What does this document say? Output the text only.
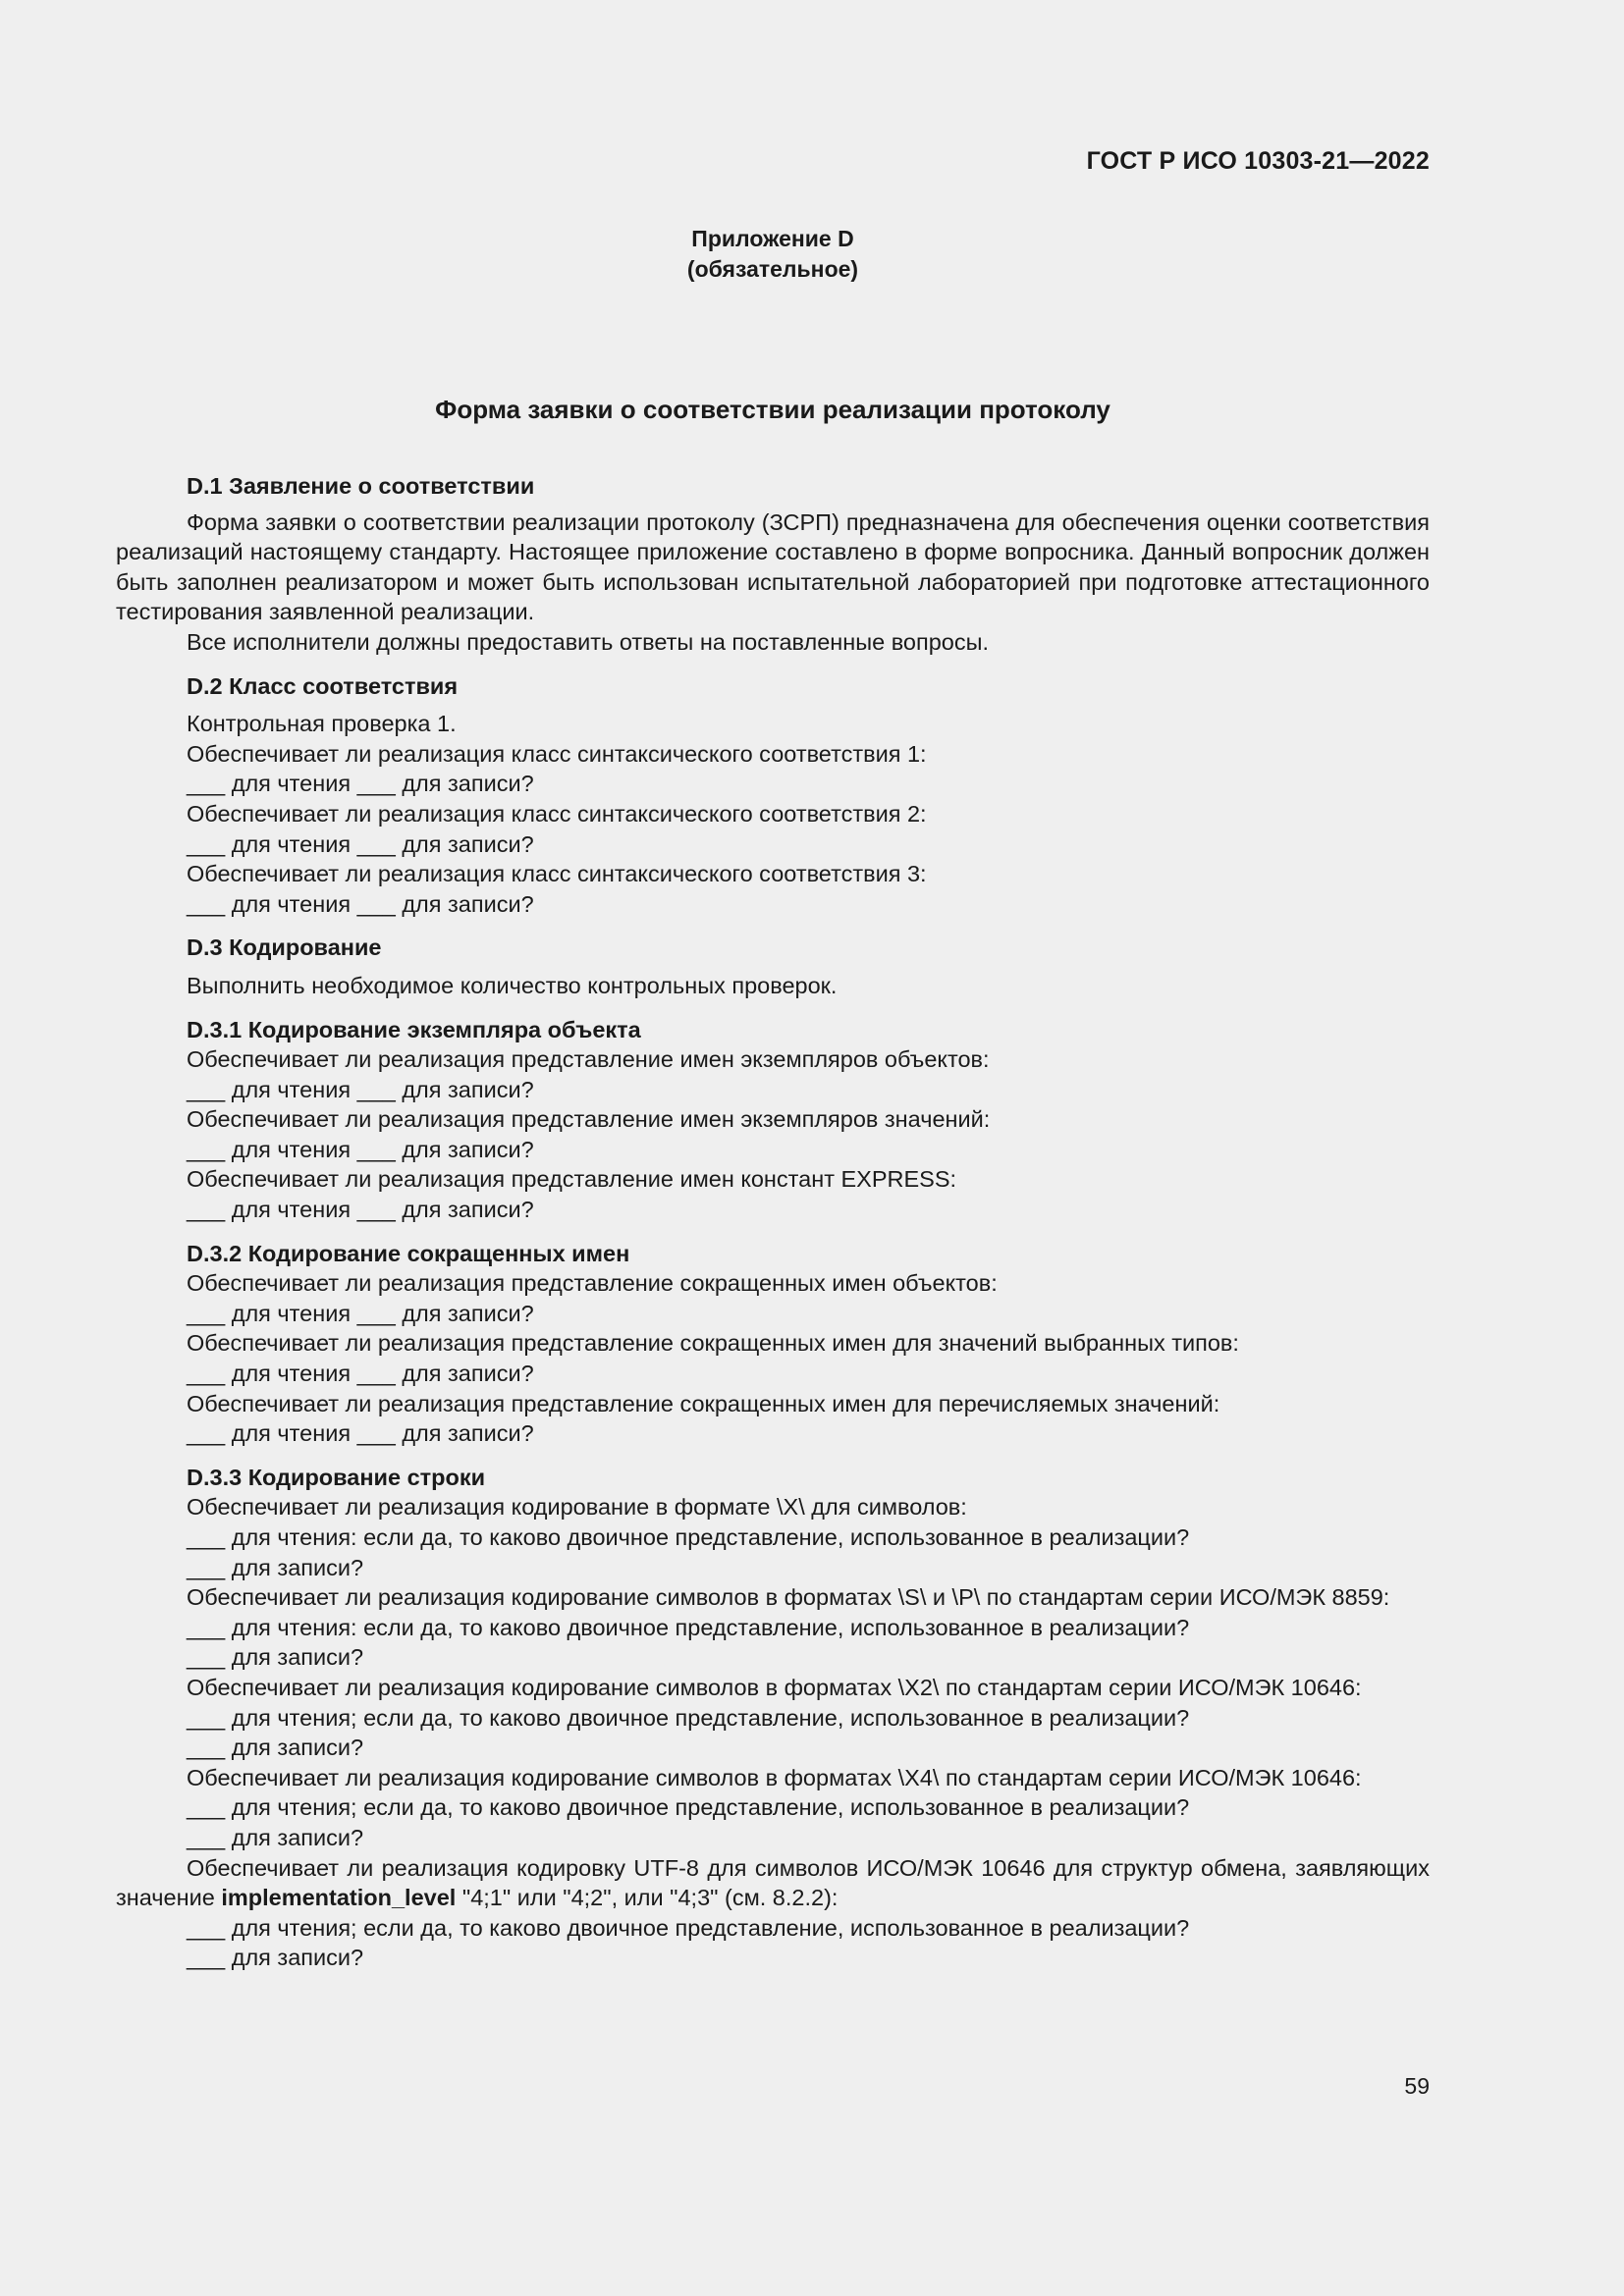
ГОСТ Р ИСО 10303-21—2022
Приложение D
(обязательное)
Форма заявки о соответствии реализации протоколу
D.1 Заявление о соответствии
Форма заявки о соответствии реализации протоколу (ЗСРП) предназначена для обеспечения оценки соответствия реализаций настоящему стандарту. Настоящее приложение составлено в форме вопросника. Данный вопросник должен быть заполнен реализатором и может быть использован испытательной лабораторией при подготовке аттестационного тестирования заявленной реализации.
Все исполнители должны предоставить ответы на поставленные вопросы.
D.2 Класс соответствия
Контрольная проверка 1.
Обеспечивает ли реализация класс синтаксического соответствия 1:
___ для чтения ___ для записи?
Обеспечивает ли реализация класс синтаксического соответствия 2:
___ для чтения ___ для записи?
Обеспечивает ли реализация класс синтаксического соответствия 3:
___ для чтения ___ для записи?
D.3 Кодирование
Выполнить необходимое количество контрольных проверок.
D.3.1 Кодирование экземпляра объекта
Обеспечивает ли реализация представление имен экземпляров объектов:
___ для чтения ___ для записи?
Обеспечивает ли реализация представление имен экземпляров значений:
___ для чтения ___ для записи?
Обеспечивает ли реализация представление имен констант EXPRESS:
___ для чтения ___ для записи?
D.3.2 Кодирование сокращенных имен
Обеспечивает ли реализация представление сокращенных имен объектов:
___ для чтения ___ для записи?
Обеспечивает ли реализация представление сокращенных имен для значений выбранных типов:
___ для чтения ___ для записи?
Обеспечивает ли реализация представление сокращенных имен для перечисляемых значений:
___ для чтения ___ для записи?
D.3.3 Кодирование строки
Обеспечивает ли реализация кодирование в формате \X\ для символов:
___ для чтения: если да, то каково двоичное представление, использованное в реализации?
___ для записи?
Обеспечивает ли реализация кодирование символов в форматах \S\ и \P\ по стандартам серии ИСО/МЭК 8859:
___ для чтения: если да, то каково двоичное представление, использованное в реализации?
___ для записи?
Обеспечивает ли реализация кодирование символов в форматах \X2\ по стандартам серии ИСО/МЭК 10646:
___ для чтения; если да, то каково двоичное представление, использованное в реализации?
___ для записи?
Обеспечивает ли реализация кодирование символов в форматах \X4\ по стандартам серии ИСО/МЭК 10646:
___ для чтения; если да, то каково двоичное представление, использованное в реализации?
___ для записи?
Обеспечивает ли реализация кодировку UTF-8 для символов ИСО/МЭК 10646 для структур обмена, заявляющих значение implementation_level "4;1" или "4;2", или "4;3" (см. 8.2.2):
___ для чтения; если да, то каково двоичное представление, использованное в реализации?
___ для записи?
59
